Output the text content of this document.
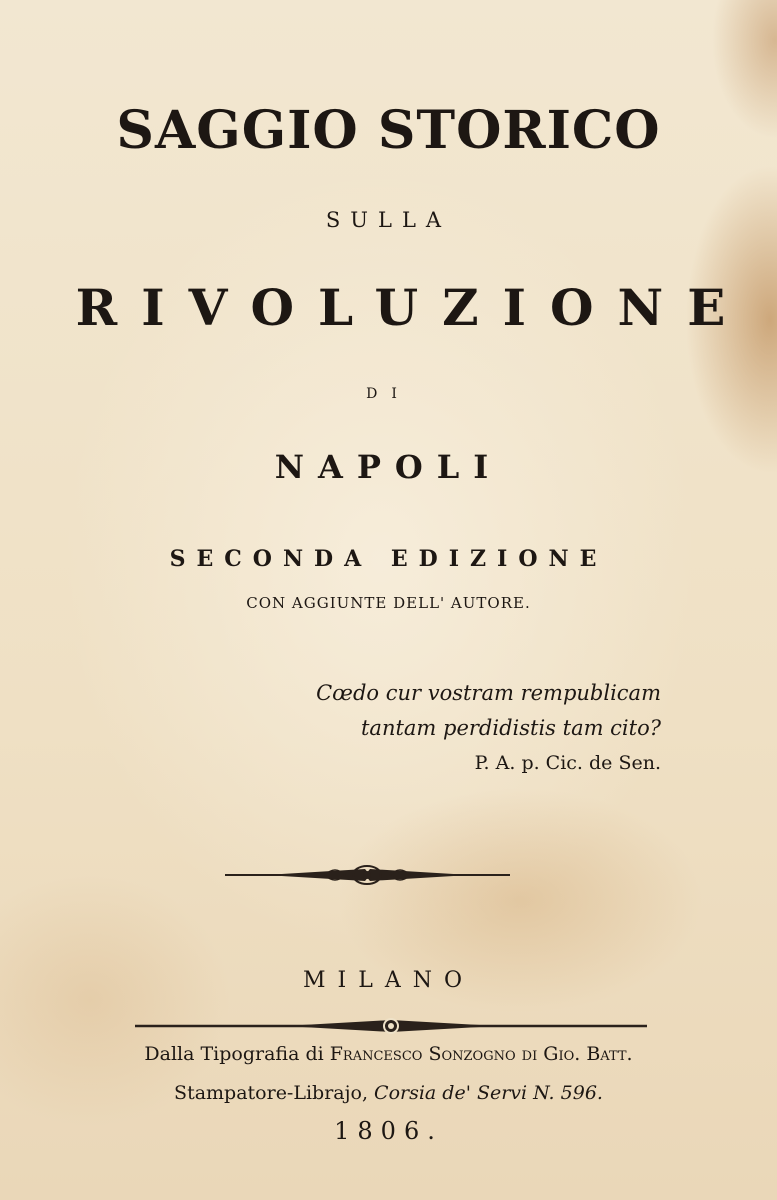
SAGGIO STORICO
SULLA
RIVOLUZIONE
DI
NAPOLI
SECONDA EDIZIONE
CON AGGIUNTE DELL' AUTORE.
Cœdo cur vostram rempublicam
tantam perdidistis tam cito?
P. A. p. Cic. de Sen.
MILANO
Dalla Tipografia di Francesco Sonzogno di Gio. Batt.
Stampatore-Librajo, Corsia de' Servi N. 596.
1806.
